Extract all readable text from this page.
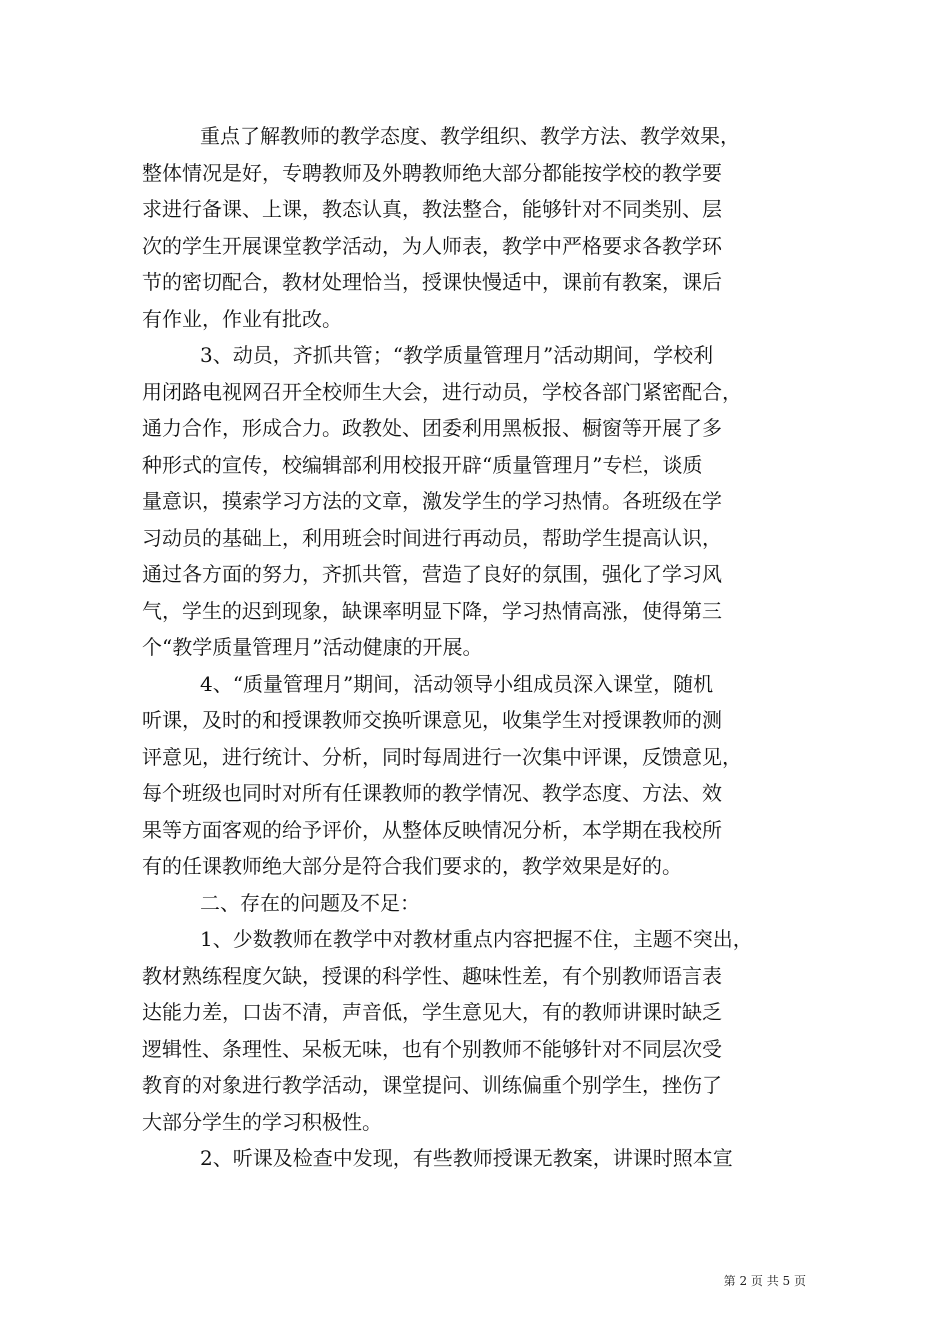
重点了解教师的教学态度、教学组织、教学方法、教学效果，
整体情况是好，专聘教师及外聘教师绝大部分都能按学校的教学要
求进行备课、上课，教态认真，教法整合，能够针对不同类别、层
次的学生开展课堂教学活动，为人师表，教学中严格要求各教学环
节的密切配合，教材处理恰当，授课快慢适中，课前有教案，课后
有作业，作业有批改。
3、动员，齐抓共管；“教学质量管理月”活动期间，学校利
用闭路电视网召开全校师生大会，进行动员，学校各部门紧密配合，
通力合作，形成合力。政教处、团委利用黑板报、橱窗等开展了多
种形式的宣传，校编辑部利用校报开辟“质量管理月”专栏，谈质
量意识，摸索学习方法的文章，激发学生的学习热情。各班级在学
习动员的基础上，利用班会时间进行再动员，帮助学生提高认识，
通过各方面的努力，齐抓共管，营造了良好的氛围，强化了学习风
气，学生的迟到现象，缺课率明显下降，学习热情高涨，使得第三
个“教学质量管理月”活动健康的开展。
4、“质量管理月”期间，活动领导小组成员深入课堂，随机
听课，及时的和授课教师交换听课意见，收集学生对授课教师的测
评意见，进行统计、分析，同时每周进行一次集中评课，反馈意见，
每个班级也同时对所有任课教师的教学情况、教学态度、方法、效
果等方面客观的给予评价，从整体反映情况分析，本学期在我校所
有的任课教师绝大部分是符合我们要求的，教学效果是好的。
二、存在的问题及不足：
1、少数教师在教学中对教材重点内容把握不住，主题不突出，
教材熟练程度欠缺，授课的科学性、趣味性差，有个别教师语言表
达能力差，口齿不清，声音低，学生意见大，有的教师讲课时缺乏
逻辑性、条理性、呆板无味，也有个别教师不能够针对不同层次受
教育的对象进行教学活动，课堂提问、训练偏重个别学生，挫伤了
大部分学生的学习积极性。
2、听课及检查中发现，有些教师授课无教案，讲课时照本宣
第 2 页 共 5 页
